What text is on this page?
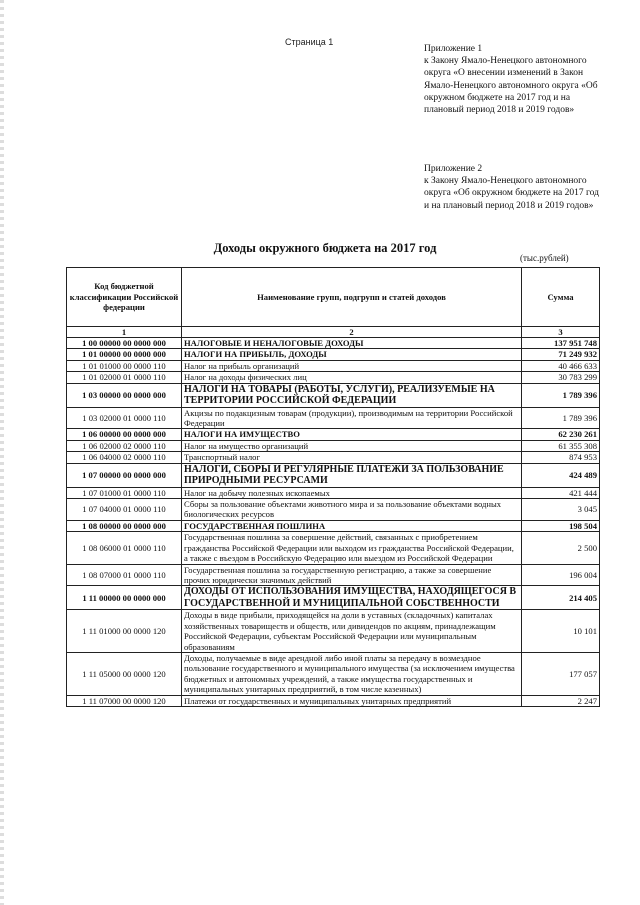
Страница 1
Приложение 1
к Закону Ямало-Ненецкого автономного округа «О внесении изменений в Закон Ямало-Ненецкого автономного округа «Об окружном бюджете на 2017 год и на плановый период 2018 и 2019 годов»
Приложение 2
к Закону Ямало-Ненецкого автономного округа «Об окружном бюджете на 2017 год и на плановый период 2018 и 2019 годов»
Доходы окружного бюджета на 2017 год
(тыс.рублей)
Код бюджетной классификации Российской федерации	Наименование групп, подгрупп и статей доходов	Сумма
1	2	3
1 00 00000 00 0000 000	НАЛОГОВЫЕ И НЕНАЛОГОВЫЕ ДОХОДЫ	137 951 748
1 01 00000 00 0000 000	НАЛОГИ НА ПРИБЫЛЬ, ДОХОДЫ	71 249 932
1 01 01000 00 0000 110	Налог на прибыль организаций	40 466 633
1 01 02000 01 0000 110	Налог на доходы физических лиц	30 783 299
1 03 00000 00 0000 000	НАЛОГИ НА ТОВАРЫ (РАБОТЫ, УСЛУГИ), РЕАЛИЗУЕМЫЕ НА ТЕРРИТОРИИ РОССИЙСКОЙ ФЕДЕРАЦИИ	1 789 396
1 03 02000 01 0000 110	Акцизы по подакцизным товарам (продукции), производимым на территории Российской Федерации	1 789 396
1 06 00000 00 0000 000	НАЛОГИ НА ИМУЩЕСТВО	62 230 261
1 06 02000 02 0000 110	Налог на имущество организаций	61 355 308
1 06 04000 02 0000 110	Транспортный налог	874 953
1 07 00000 00 0000 000	НАЛОГИ, СБОРЫ И РЕГУЛЯРНЫЕ ПЛАТЕЖИ ЗА ПОЛЬЗОВАНИЕ ПРИРОДНЫМИ РЕСУРСАМИ	424 489
1 07 01000 01 0000 110	Налог на добычу полезных ископаемых	421 444
1 07 04000 01 0000 110	Сборы за пользование объектами животного мира и за пользование объектами водных биологических ресурсов	3 045
1 08 00000 00 0000 000	ГОСУДАРСТВЕННАЯ ПОШЛИНА	198 504
1 08 06000 01 0000 110	Государственная пошлина за совершение действий, связанных с приобретением гражданства Российской Федерации или выходом из гражданства Российской Федерации, а также с въездом в Российскую Федерацию или выездом из Российской Федерации	2 500
1 08 07000 01 0000 110	Государственная пошлина за государственную регистрацию, а также за совершение прочих юридически значимых действий	196 004
1 11 00000 00 0000 000	ДОХОДЫ ОТ ИСПОЛЬЗОВАНИЯ ИМУЩЕСТВА, НАХОДЯЩЕГОСЯ В ГОСУДАРСТВЕННОЙ И МУНИЦИПАЛЬНОЙ СОБСТВЕННОСТИ	214 405
1 11 01000 00 0000 120	Доходы в виде прибыли, приходящейся на доли в уставных (складочных) капиталах хозяйственных товариществ и обществ, или дивидендов по акциям, принадлежащим Российской Федерации, субъектам Российской Федерации или муниципальным образованиям	10 101
1 11 05000 00 0000 120	Доходы, получаемые в виде арендной либо иной платы за передачу в возмездное пользование государственного и муниципального имущества (за исключением имущества бюджетных и автономных учреждений, а также имущества государственных и муниципальных унитарных предприятий, в том числе казенных)	177 057
1 11 07000 00 0000 120	Платежи от государственных и муниципальных унитарных предприятий	2 247
